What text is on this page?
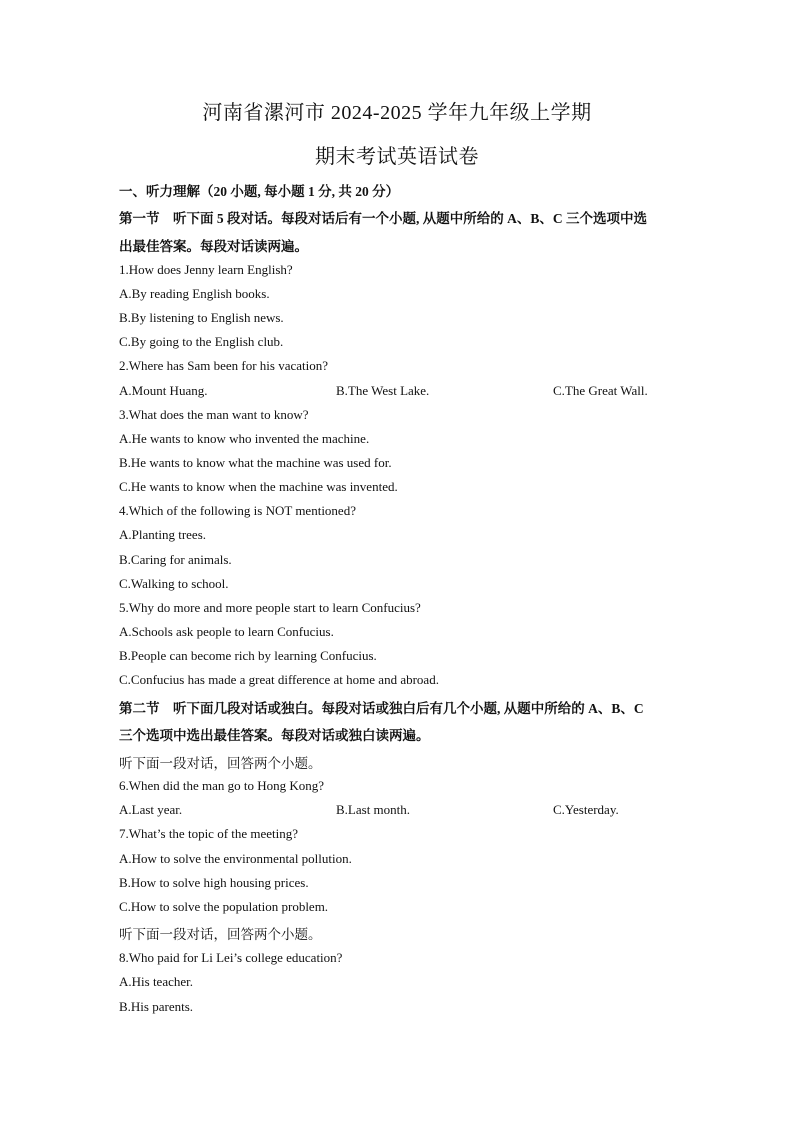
河南省漯河市 2024-2025 学年九年级上学期
期末考试英语试卷
一、听力理解（20 小题, 每小题 1 分, 共 20 分）
第一节　听下面 5 段对话。每段对话后有一个小题, 从题中所给的 A、B、C 三个选项中选
出最佳答案。每段对话读两遍。
1.How does Jenny learn English?
A.By reading English books.
B.By listening to English news.
C.By going to the English club.
2.Where has Sam been for his vacation?
A.Mount Huang.	B.The West Lake.	C.The Great Wall.
3.What does the man want to know?
A.He wants to know who invented the machine.
B.He wants to know what the machine was used for.
C.He wants to know when the machine was invented.
4.Which of the following is NOT mentioned?
A.Planting trees.
B.Caring for animals.
C.Walking to school.
5.Why do more and more people start to learn Confucius?
A.Schools ask people to learn Confucius.
B.People can become rich by learning Confucius.
C.Confucius has made a great difference at home and abroad.
第二节　听下面几段对话或独白。每段对话或独白后有几个小题, 从题中所给的 A、B、C
三个选项中选出最佳答案。每段对话或独白读两遍。
听下面一段对话，回答两个小题。
6.When did the man go to Hong Kong?
A.Last year.	B.Last month.	C.Yesterday.
7.What’s the topic of the meeting?
A.How to solve the environmental pollution.
B.How to solve high housing prices.
C.How to solve the population problem.
听下面一段对话，回答两个小题。
8.Who paid for Li Lei’s college education?
A.His teacher.
B.His parents.
